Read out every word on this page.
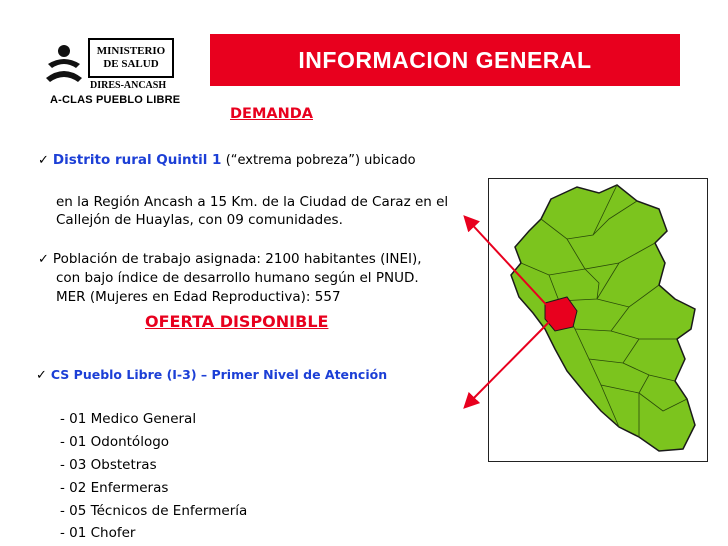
MINISTERIO
DE SALUD
DIRES-ANCASH
A-CLAS PUEBLO LIBRE
INFORMACION GENERAL
DEMANDA
✓ Distrito rural Quintil 1 (“extrema pobreza”) ubicado
en la Región Ancash a 15 Km. de la Ciudad de Caraz en el
Callejón de Huaylas, con 09 comunidades.
✓ Población de trabajo asignada: 2100 habitantes (INEI),
con bajo índice de desarrollo humano según el PNUD.
MER (Mujeres en Edad Reproductiva): 557
OFERTA DISPONIBLE
✓ CS Pueblo Libre (I-3) – Primer Nivel de Atención
- 01 Medico General
- 01 Odontólogo
- 03 Obstetras
- 02 Enfermeras
- 05 Técnicos de Enfermería
- 01 Chofer
